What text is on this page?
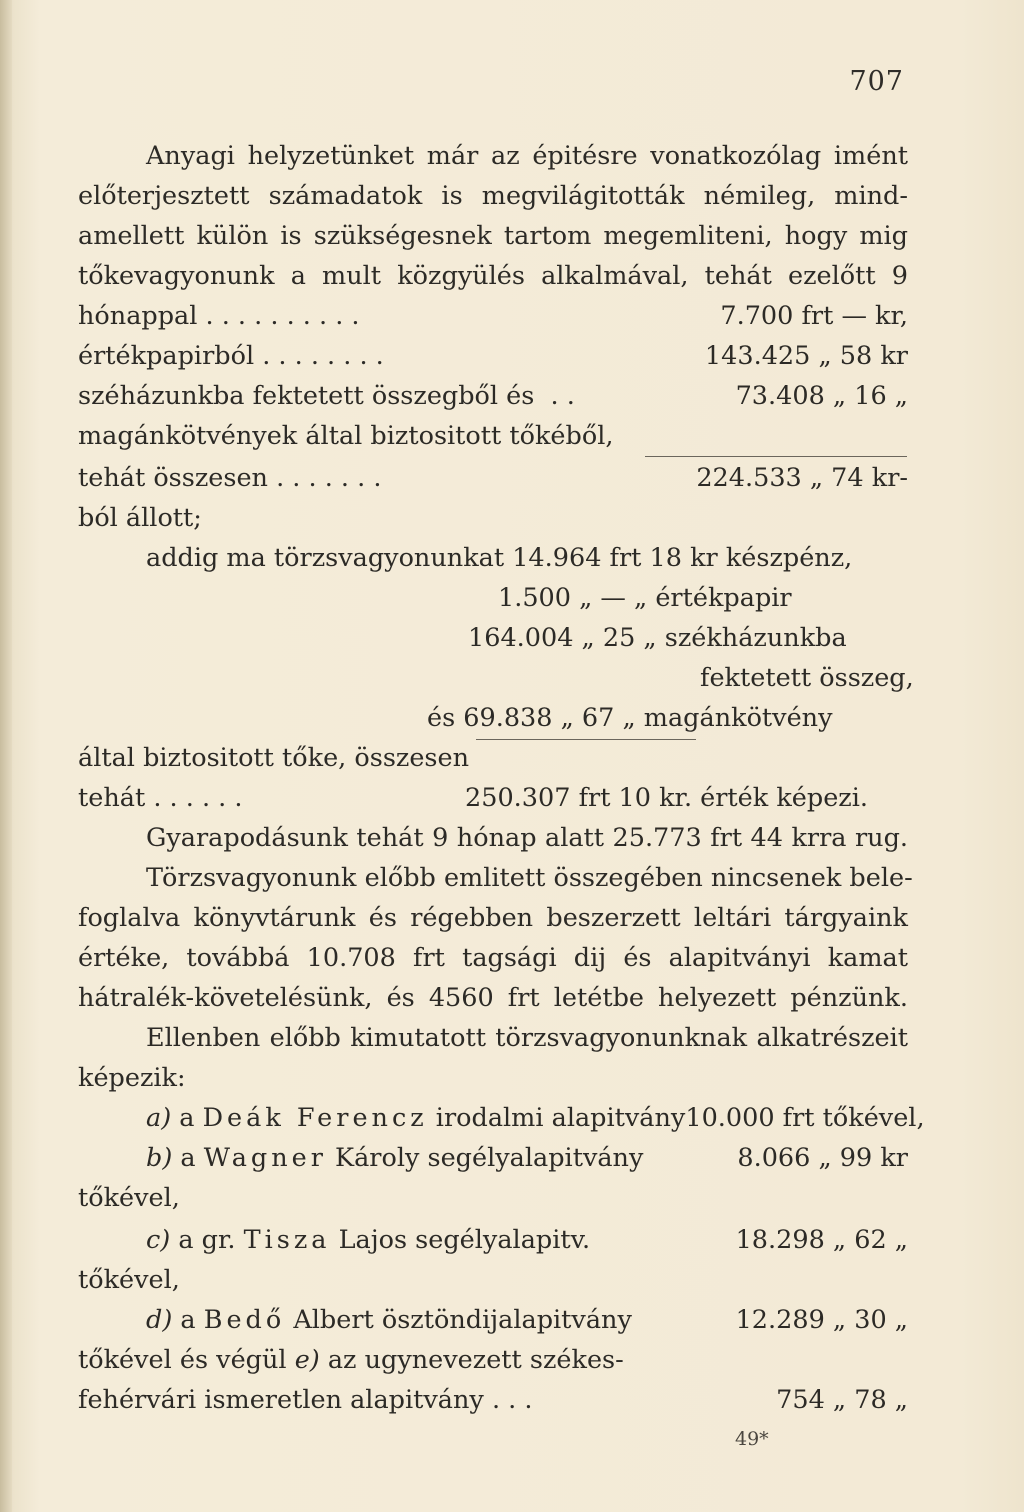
707
Anyagi helyzetünket már az épitésre vonatkozólag imént
előterjesztett számadatok is megvilágitották némileg, mind-
amellett külön is szükségesnek tartom megemliteni, hogy mig
tőkevagyonunk a mult közgyülés alkalmával, tehát ezelőtt 9
hónappal . . . . . . . . . .	7.700 frt — kr,
értékpapirból . . . . . . . .	143.425 „ 58 kr
széházunkba fektetett összegből és  . .	73.408 „ 16 „
magánkötvények által biztositott tőkéből,
tehát összesen . . . . . . .	224.533 „ 74 kr-
ból állott;
addig ma törzsvagyonunkat 14.964 frt 18 kr készpénz,
1.500 „ — „ értékpapir
164.004 „ 25 „ székházunkba
fektetett összeg,
és 69.838 „ 67 „ magánkötvény
által biztositott tőke, összesen
tehát . . . . . .	250.307 frt 10 kr. érték képezi.
Gyarapodásunk tehát 9 hónap alatt 25.773 frt 44 krra rug.
Törzsvagyonunk előbb emlitett összegében nincsenek bele-
foglalva könyvtárunk és régebben beszerzett leltári tárgyaink
értéke, továbbá 10.708 frt tagsági dij és alapitványi kamat
hátralék-követelésünk, és 4560 frt letétbe helyezett pénzünk.
Ellenben előbb kimutatott törzsvagyonunknak alkatrészeit
képezik:
a) a Deák Ferencz irodalmi alapitvány 10.000 frt tőkével,
b) a Wagner Károly segélyalapitvány	8.066 „ 99 kr
tőkével,
c) a gr. Tisza Lajos segélyalapitv.	18.298 „ 62 „
tőkével,
d) a Bedő Albert ösztöndijalapitvány	12.289 „ 30 „
tőkével és végül e) az ugynevezett székes-
fehérvári ismeretlen alapitvány . . .	754 „ 78 „
49*
